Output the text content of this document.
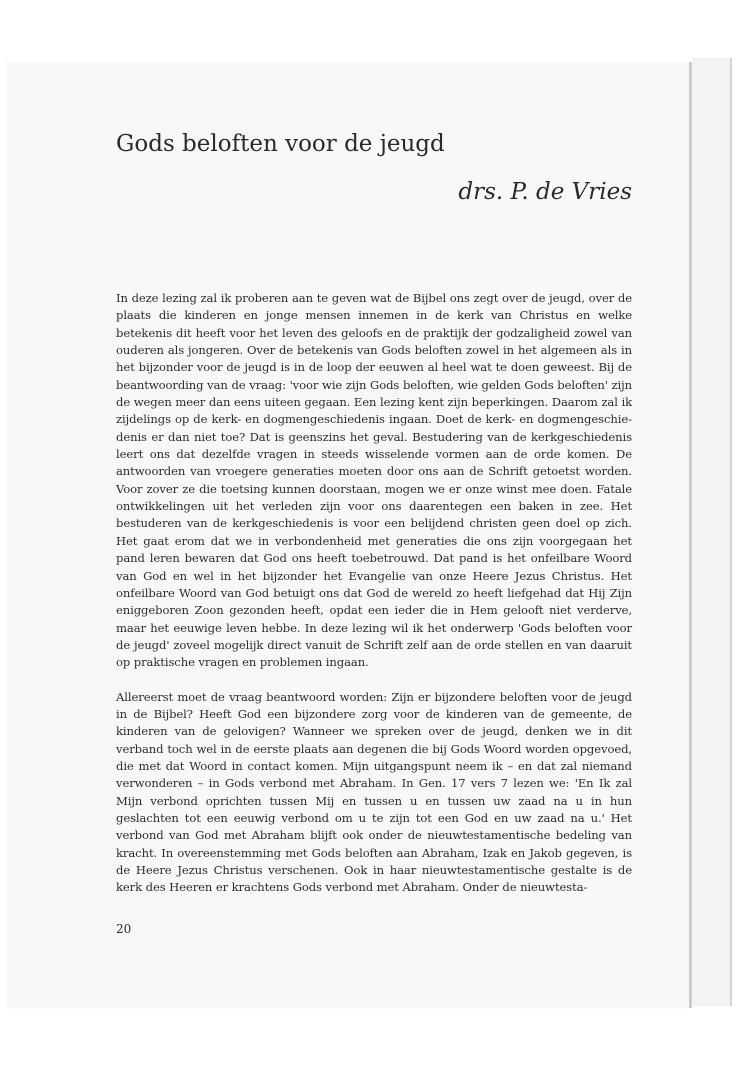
Gods beloften voor de jeugd
drs. P. de Vries

In deze lezing zal ik proberen aan te geven wat de Bijbel ons zegt over de jeugd, over de plaats die kinderen en jonge mensen innemen in de kerk van Christus en welke betekenis dit heeft voor het leven des geloofs en de praktijk der godzaligheid zowel van ouderen als jongeren. Over de betekenis van Gods beloften zowel in het algemeen als in het bijzonder voor de jeugd is in de loop der eeuwen al heel wat te doen geweest. Bij de beantwoording van de vraag: 'voor wie zijn Gods beloften, wie gelden Gods beloften' zijn de wegen meer dan eens uiteen gegaan. Een lezing kent zijn beperkingen. Daarom zal ik zijdelings op de kerk- en dogmengeschiedenis ingaan. Doet de kerk- en dogmengeschiedenis er dan niet toe? Dat is geenszins het geval. Bestudering van de kerkgeschiedenis leert ons dat dezelfde vragen in steeds wisselende vormen aan de orde komen. De antwoorden van vroegere generaties moeten door ons aan de Schrift getoetst worden. Voor zover ze die toetsing kunnen doorstaan, mogen we er onze winst mee doen. Fatale ontwikkelingen uit het verleden zijn voor ons daarentegen een baken in zee. Het bestuderen van de kerkgeschiedenis is voor een belijdend christen geen doel op zich. Het gaat erom dat we in verbondenheid met generaties die ons zijn voorgegaan het pand leren bewaren dat God ons heeft toebetrouwd. Dat pand is het onfeilbare Woord van God en wel in het bijzonder het Evangelie van onze Heere Jezus Christus. Het onfeilbare Woord van God betuigt ons dat God de wereld zo heeft liefgehad dat Hij Zijn eniggeboren Zoon gezonden heeft, opdat een ieder die in Hem gelooft niet verderve, maar het eeuwige leven hebbe. In deze lezing wil ik het onderwerp 'Gods beloften voor de jeugd' zoveel mogelijk direct vanuit de Schrift zelf aan de orde stellen en van daaruit op praktische vragen en problemen ingaan.

Allereerst moet de vraag beantwoord worden: Zijn er bijzondere beloften voor de jeugd in de Bijbel? Heeft God een bijzondere zorg voor de kinderen van de gemeente, de kinderen van de gelovigen? Wanneer we spreken over de jeugd, denken we in dit verband toch wel in de eerste plaats aan degenen die bij Gods Woord worden opgevoed, die met dat Woord in contact komen. Mijn uitgangspunt neem ik – en dat zal niemand verwonderen – in Gods verbond met Abraham. In Gen. 17 vers 7 lezen we: 'En Ik zal Mijn verbond oprichten tussen Mij en tussen u en tussen uw zaad na u in hun geslachten tot een eeuwig verbond om u te zijn tot een God en uw zaad na u.' Het verbond van God met Abraham blijft ook onder de nieuwtestamentische bedeling van kracht. In overeenstemming met Gods beloften aan Abraham, Izak en Jakob gegeven, is de Heere Jezus Christus verschenen. Ook in haar nieuwtestamentische gestalte is de kerk des Heeren er krachtens Gods verbond met Abraham. Onder de nieuwtesta-

20
